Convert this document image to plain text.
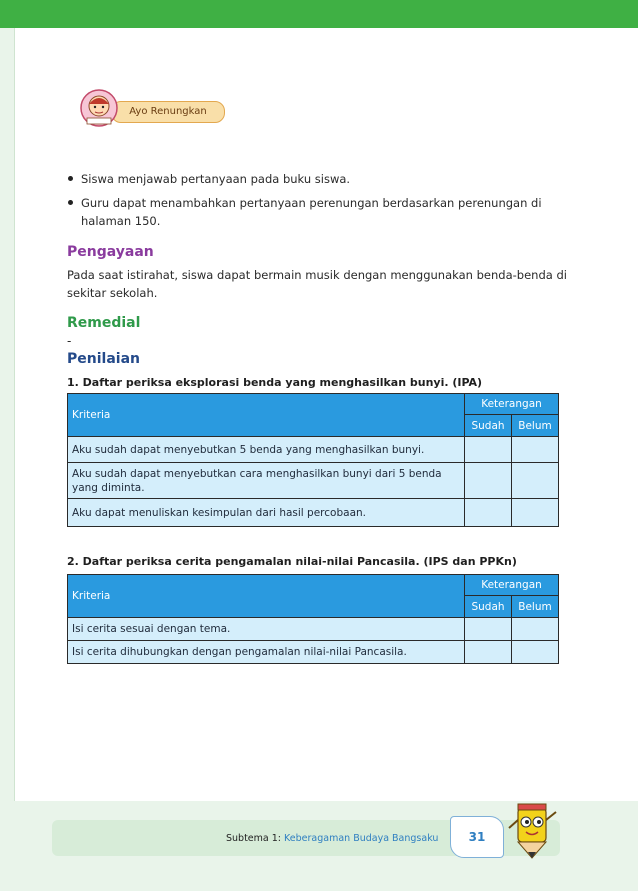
Ayo Renungkan
Siswa menjawab pertanyaan pada buku siswa.
Guru dapat menambahkan pertanyaan perenungan berdasarkan perenungan di halaman 150.
Pengayaan
Pada saat istirahat, siswa dapat bermain musik dengan menggunakan benda-benda di sekitar sekolah.
Remedial
-
Penilaian
1. Daftar periksa eksplorasi benda yang menghasilkan bunyi. (IPA)
Kriteria	Keterangan	
	Sudah	Belum
Aku sudah dapat menyebutkan 5 benda yang menghasilkan bunyi.		
Aku sudah dapat menyebutkan cara menghasilkan bunyi dari 5 benda yang diminta.		
Aku dapat menuliskan kesimpulan dari hasil percobaan.		
2. Daftar periksa cerita pengamalan nilai-nilai Pancasila. (IPS dan PPKn)
Kriteria	Keterangan	
	Sudah	Belum
Isi cerita sesuai dengan tema.		
Isi cerita dihubungkan dengan pengamalan nilai-nilai Pancasila.		
Subtema 1: Keberagaman Budaya Bangsaku	31
